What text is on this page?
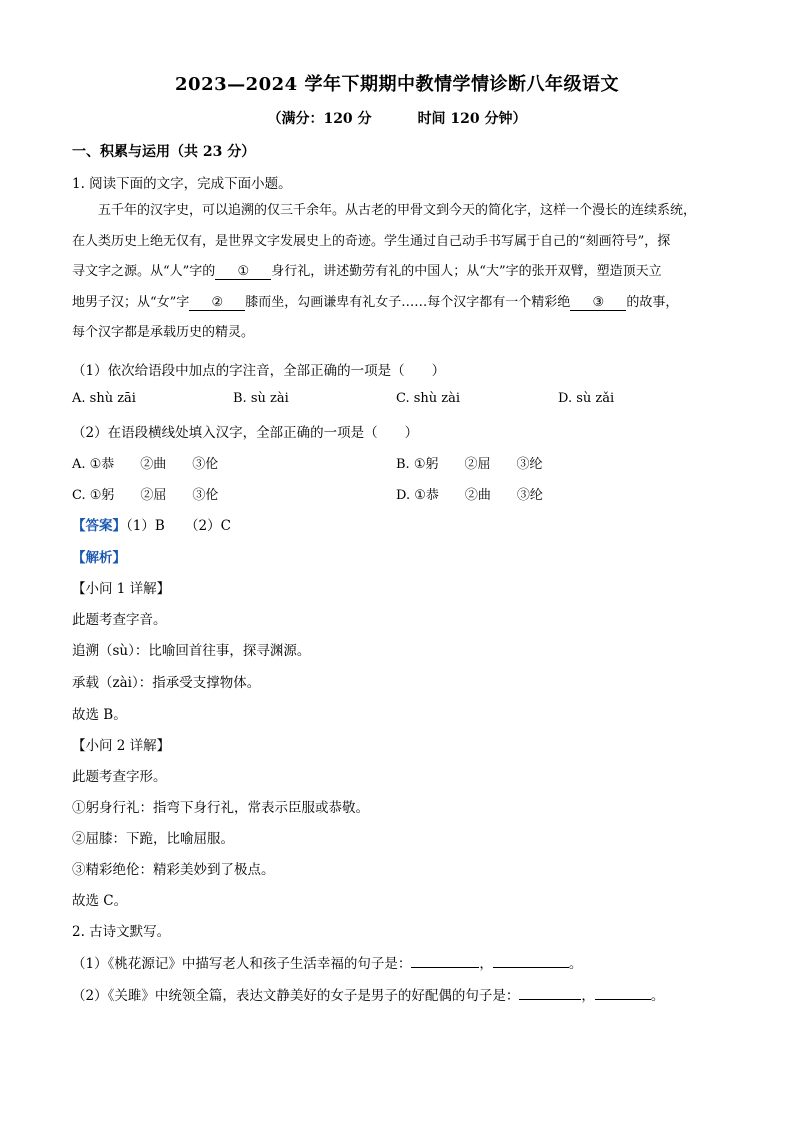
2023—2024 学年下期期中教情学情诊断八年级语文
（满分：120 分	时间 120 分钟）
一、积累与运用（共 23 分）
1. 阅读下面的文字，完成下面小题。

五千年的汉字史，可以追溯的仅三千余年。从古老的甲骨文到今天的简化字，这样一个漫长的连续系统，

在人类历史上绝无仅有，是世界文字发展史上的奇迹。学生通过自己动手书写属于自己的“刻画符号”，探
寻文字之源。从“人”字的 ① 身行礼，讲述勤劳有礼的中国人；从“大”字的张开双臂，塑造顶天立
地男子汉；从“女”字 ② 膝而坐，勾画谦卑有礼女子……每个汉字都有一个精彩绝 ③ 的故事，
每个汉字都是承载历史的精灵。
（1）依次给语段中加点的字注音，全部正确的一项是（　　）
A. shù zāi	B. sù zài	C. shù zài	D. sù zǎi
（2）在语段横线处填入汉字，全部正确的一项是（　　）
A. ①恭　　②曲　　③伦	B. ①躬　　②屈　　③纶
C. ①躬　　②屈　　③伦	D. ①恭　　②曲　　③纶
【答案】（1）B　　（2）C
【解析】
【小问 1 详解】
此题考查字音。
追溯（sù）：比喻回首往事，探寻渊源。
承载（zài）：指承受支撑物体。
故选 B。
【小问 2 详解】
此题考查字形。
①躬身行礼：指弯下身行礼，常表示臣服或恭敬。
②屈膝：下跪，比喻屈服。
③精彩绝伦：精彩美妙到了极点。
故选 C。
2. 古诗文默写。
（1）《桃花源记》中描写老人和孩子生活幸福的句子是：	，	。
（2）《关雎》中统领全篇，表达文静美好的女子是男子的好配偶的句子是：	，	。
